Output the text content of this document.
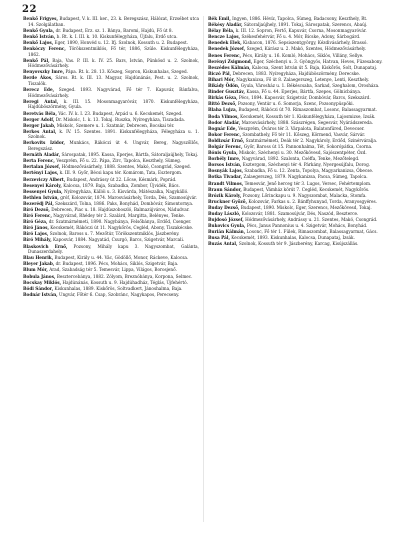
22

Benkő Frigyes, Budapest, V. k. III. ker., 23. k. Beregszász, Hálózat, Erzsébet utca 14. Szolgálatban.

Benkő Gyula, dr. Budapest, Erz. sz. 1. Bánya, Baromi, Hajdú, Fő út 8.

Benkő István, b. Rt. k. I. III. k. 10. Kiskunfélegyháza, Újfalu, Erdő utca.

Benkő Lajos, Eger, 1890, Honvéd u. 12. Ifj. Szolnok, Kossuth u. 2. Budapest.

Benkóczy Ferenc, Törökszentmiklós, Fő tér, 1886, Szüle. Kiskunfélegyháza, 1862.

Benkő Pál, Baja, Vas. P. III. k. IV. 25. Bars, István, Pünkösd u. 2. Szolnok, Hódmezővásárhely.

Benyovszky Imre, Pápa. Rt. k. 28. 13. Kőszeg, Sopron, Kiskunhalas, Szeged.

Berde Ákos, Sáros. Rt. k. III. 13. Magyar, Hajdúnánás, Pest. u. 2. Szolnok, Tiszalök.

Berecz Ede, Szeged. 1893. Nagyvárad, Fő tér 7. Kapuvár, Bánfalva, Hódmezővásárhely.

Beregi Antal, k. III. 15. Mosonmagyaróvár, 1870. Kiskunfélegyháza, Hajdúböszörmény, Gyula.

Beretvás Béla, Vác. IV. k. I. 23. Budapest, Árpád u. 6. Kecskemét, Szeged.

Berger Adolf, Dr. Miskolc, 1. k. 13. Tokaj. Ruszka, Nyíregyháza, Tiszadada.

Berger Jakab, Miskolc, Szemere u. 1. Szatmár, Debrecen, Bocskai tér.

Berkes Antal, k. IV. 15. Szentes. 1891. Kiskunfélegyháza, Félegyháza u. 1. Szolnok.

Berkovits Izidor, Munkács, Rákóczi út 4. Ungvár, Bereg, Nagyszőllős, Beregszász.

Bernáth Aladár, Sárospatak, 1895. Kassa, Eperjes, Bártfa, Sátoraljaújhely, Tokaj.

Berta Ferenc, Veszprém, Fő u. 22. Pápa, Zirc, Tapolca, Keszthely, Sümeg.

Bertalan József, Hódmezővásárhely, 1888. Szentes, Makó, Csongrád, Szeged.

Bertényi Lajos, k. III. 9. Győr, Bécsi kapu tér. Komárom, Tata, Esztergom.

Berzeviczy Albert, Budapest, Andrássy út 22. Lőcse, Késmárk, Poprád.

Besenyei Károly, Kalocsa, 1879. Baja, Szabadka, Zombor, Újvidék, Bács.

Bessenyei Gyula, Nyíregyháza, Kállói u. 3. Kisvárda, Mátészalka, Nagykálló.

Bethlen István, gróf, Kolozsvár, 1874. Marosvásárhely, Torda, Dés, Szamosújvár.

Bezerédj Pál, Szekszárd, Tolna, 1886. Paks, Bonyhád, Dombóvár, Simontornya.

Bíró Dezső, Debrecen, Piac u. 18. Hajdúszoboszló, Balmazújváros, Nádudvar.

Bíró Ferenc, Nagyvárad, Rhédey tér 2. Szalárd, Margitta, Belényes, Tenke.

Bíró Géza, dr. Szatmárnémeti, 1890. Nagybánya, Felsőbánya, Erdőd, Csenger.

Bíró János, Kecskemét, Rákóczi út 11. Nagykőrös, Cegléd, Abony, Tiszakécske.

Bíró Lajos, Szolnok, Baross u. 7. Mezőtúr, Törökszentmiklós, Jászberény.

Bíró Mihály, Kaposvár, 1884. Nagyatád, Csurgó, Barcs, Szigetvár, Marcali.

Blaskovich Ernő, Pozsony, Mihály kapu 3. Nagyszombat, Galánta, Dunaszerdahely.

Blau Henrik, Budapest, Király u. 44. Vác, Gödöllő, Monor, Ráckeve, Kalocsa.

Bleyer Jakab, dr. Budapest, 1896. Pécs, Mohács, Siklós, Szigetvár, Baja.

Blum Mór, Arad, Szabadság tér 5. Temesvár, Lippa, Világos, Borosjenő.

Bobula János, Besztercebánya, 1882. Zólyom, Breznóbánya, Korpona, Selmec.

Bocskay Miklós, Hajdúnánás, Kossuth u. 9. Hajdúhadház, Téglás, Újfehértó.

Bódi Sándor, Kiskunhalas, 1889. Kiskőrös, Soltvadkert, Jánoshalma, Baja.

Bodnár István, Ungvár, Főtér 6. Csap, Szobránc, Nagykapos, Perecseny.

Bék Emil, Ingyen, 1886. Hévíz, Tapolca, Sümeg, Badacsony, Keszthely, Rt.

Békésy Aladár, Sátoraljaújhely, 1891. Tokaj, Sárospatak, Szerencs, Abaúj.

Bélay Béla, k. III. 12. Sopron, Fertő, Kapuvár, Csorna, Mosonmagyaróvár.

Bencze Lajos, Székesfehérvár, Fő u. 4. Mór, Bicske, Adony, Sárbogárd.

Benedek Elek, Kisbacon, 1876. Sepsiszentgyörgy, Kézdivásárhely, Brassó.

Benedek József, Szeged, Kárász u. 2. Makó, Szentes, Hódmezővásárhely.

Benes Ferenc, Pécs, Király u. 16. Komló, Mohács, Siklós, Villány, Sellye.

Berényi Zsigmond, Eger, Széchenyi u. 3. Gyöngyös, Hatvan, Heves, Füzesabony.

Beszédes Kálmán, Kalocsa, Szent István út 5. Baja, Kiskőrös, Solt, Dunapataj.

Biczó Pál, Debrecen, 1883. Nyíregyháza, Hajdúböszörmény, Derecske.

Bihari Mór, Nagykanizsa, Fő út 8. Zalaegerszeg, Letenye, Lenti, Keszthely.

Bikády Ödön, Gyula, Városház u. 1. Békéscsaba, Sarkad, Szeghalom, Orosháza.

Binder Gusztáv, Kassa, Fő u. 44. Eperjes, Bártfa, Szepes, Gölnicbánya.

Birkás Géza, Pécs, 1894. Kaposvár, Szigetvár, Dombóvár, Barcs, Szekszárd.

Bittó Dezső, Pozsony, Ventúr u. 6. Somorja, Szenc, Pozsonypüspöki.

Blaha Lujza, Budapest, Rákóczi út 70. Rimaszombat, Losonc, Balassagyarmat.

Boda Vilmos, Kecskemét, Kossuth tér 1. Kiskunfélegyháza, Lajosmizse, Izsák.

Bodor Aladár, Marosvásárhely, 1888. Szászrégen, Segesvár, Nyárádszereda.

Bognár Ede, Veszprém, Óváros tér 3. Várpalota, Balatonfüred, Devecser.

Bokor Ferenc, Szombathely, Fő tér 11. Kőszeg, Körmend, Vasvár, Sárvár.

Boldizsár Ernő, Szatmárnémeti, Deák tér 2. Nagykároly, Erdőd, Szinérváralja.

Bolgár Ferenc, Győr, Baross út 15. Pannonhalma, Tét, Sokorópátka, Csorna.

Bónis Gyula, Miskolc, Széchenyi u. 30. Mezőkövesd, Sajószentpéter, Ózd.

Borbély Imre, Nagyvárad, 1892. Szalonta, Cséffa, Tenke, Mezőtelegd.

Borsos István, Esztergom, Széchenyi tér 4. Párkány, Nyergesújfalu, Dorog.

Bosnyák Lajos, Szabadka, Fő u. 12. Zenta, Topolya, Magyarkanizsa, Óbecse.

Botka Tivadar, Zalaegerszeg, 1879. Nagykanizsa, Pacsa, Sümeg, Tapolca.

Brandt Vilmos, Temesvár, Jenő herceg tér 3. Lugos, Versec, Fehértemplom.

Braun Sándor, Budapest, Vámház körút 7. Cegléd, Kecskemét, Nagykőrös.

Brózik Károly, Pozsony, Lőrinckapu u. 9. Nagyszombat, Malacka, Stomfa.

Bruckner Győző, Kolozsvár, Farkas u. 2. Bánffyhunyad, Torda, Aranyosgyéres.

Buday Dezső, Budapest, 1890. Miskolc, Eger, Szerencs, Mezőkövesd, Tokaj.

Buday László, Kolozsvár, 1881. Szamosújvár, Dés, Naszód, Beszterce.

Bujdosó József, Hódmezővásárhely, Andrássy u. 21. Szentes, Makó, Csongrád.

Bukovics Gyula, Pécs, Janus Pannonius u. 4. Szigetvár, Mohács, Bonyhád.

Burián Kálmán, Losonc, Fő tér 1. Fülek, Rimaszombat, Balassagyarmat, Gács.

Busa Pál, Kecskemét, 1893. Kiskunhalas, Kalocsa, Dunapataj, Izsák.

Buzás Antal, Szolnok, Kossuth tér 9. Jászberény, Karcag, Kisújszállás.
